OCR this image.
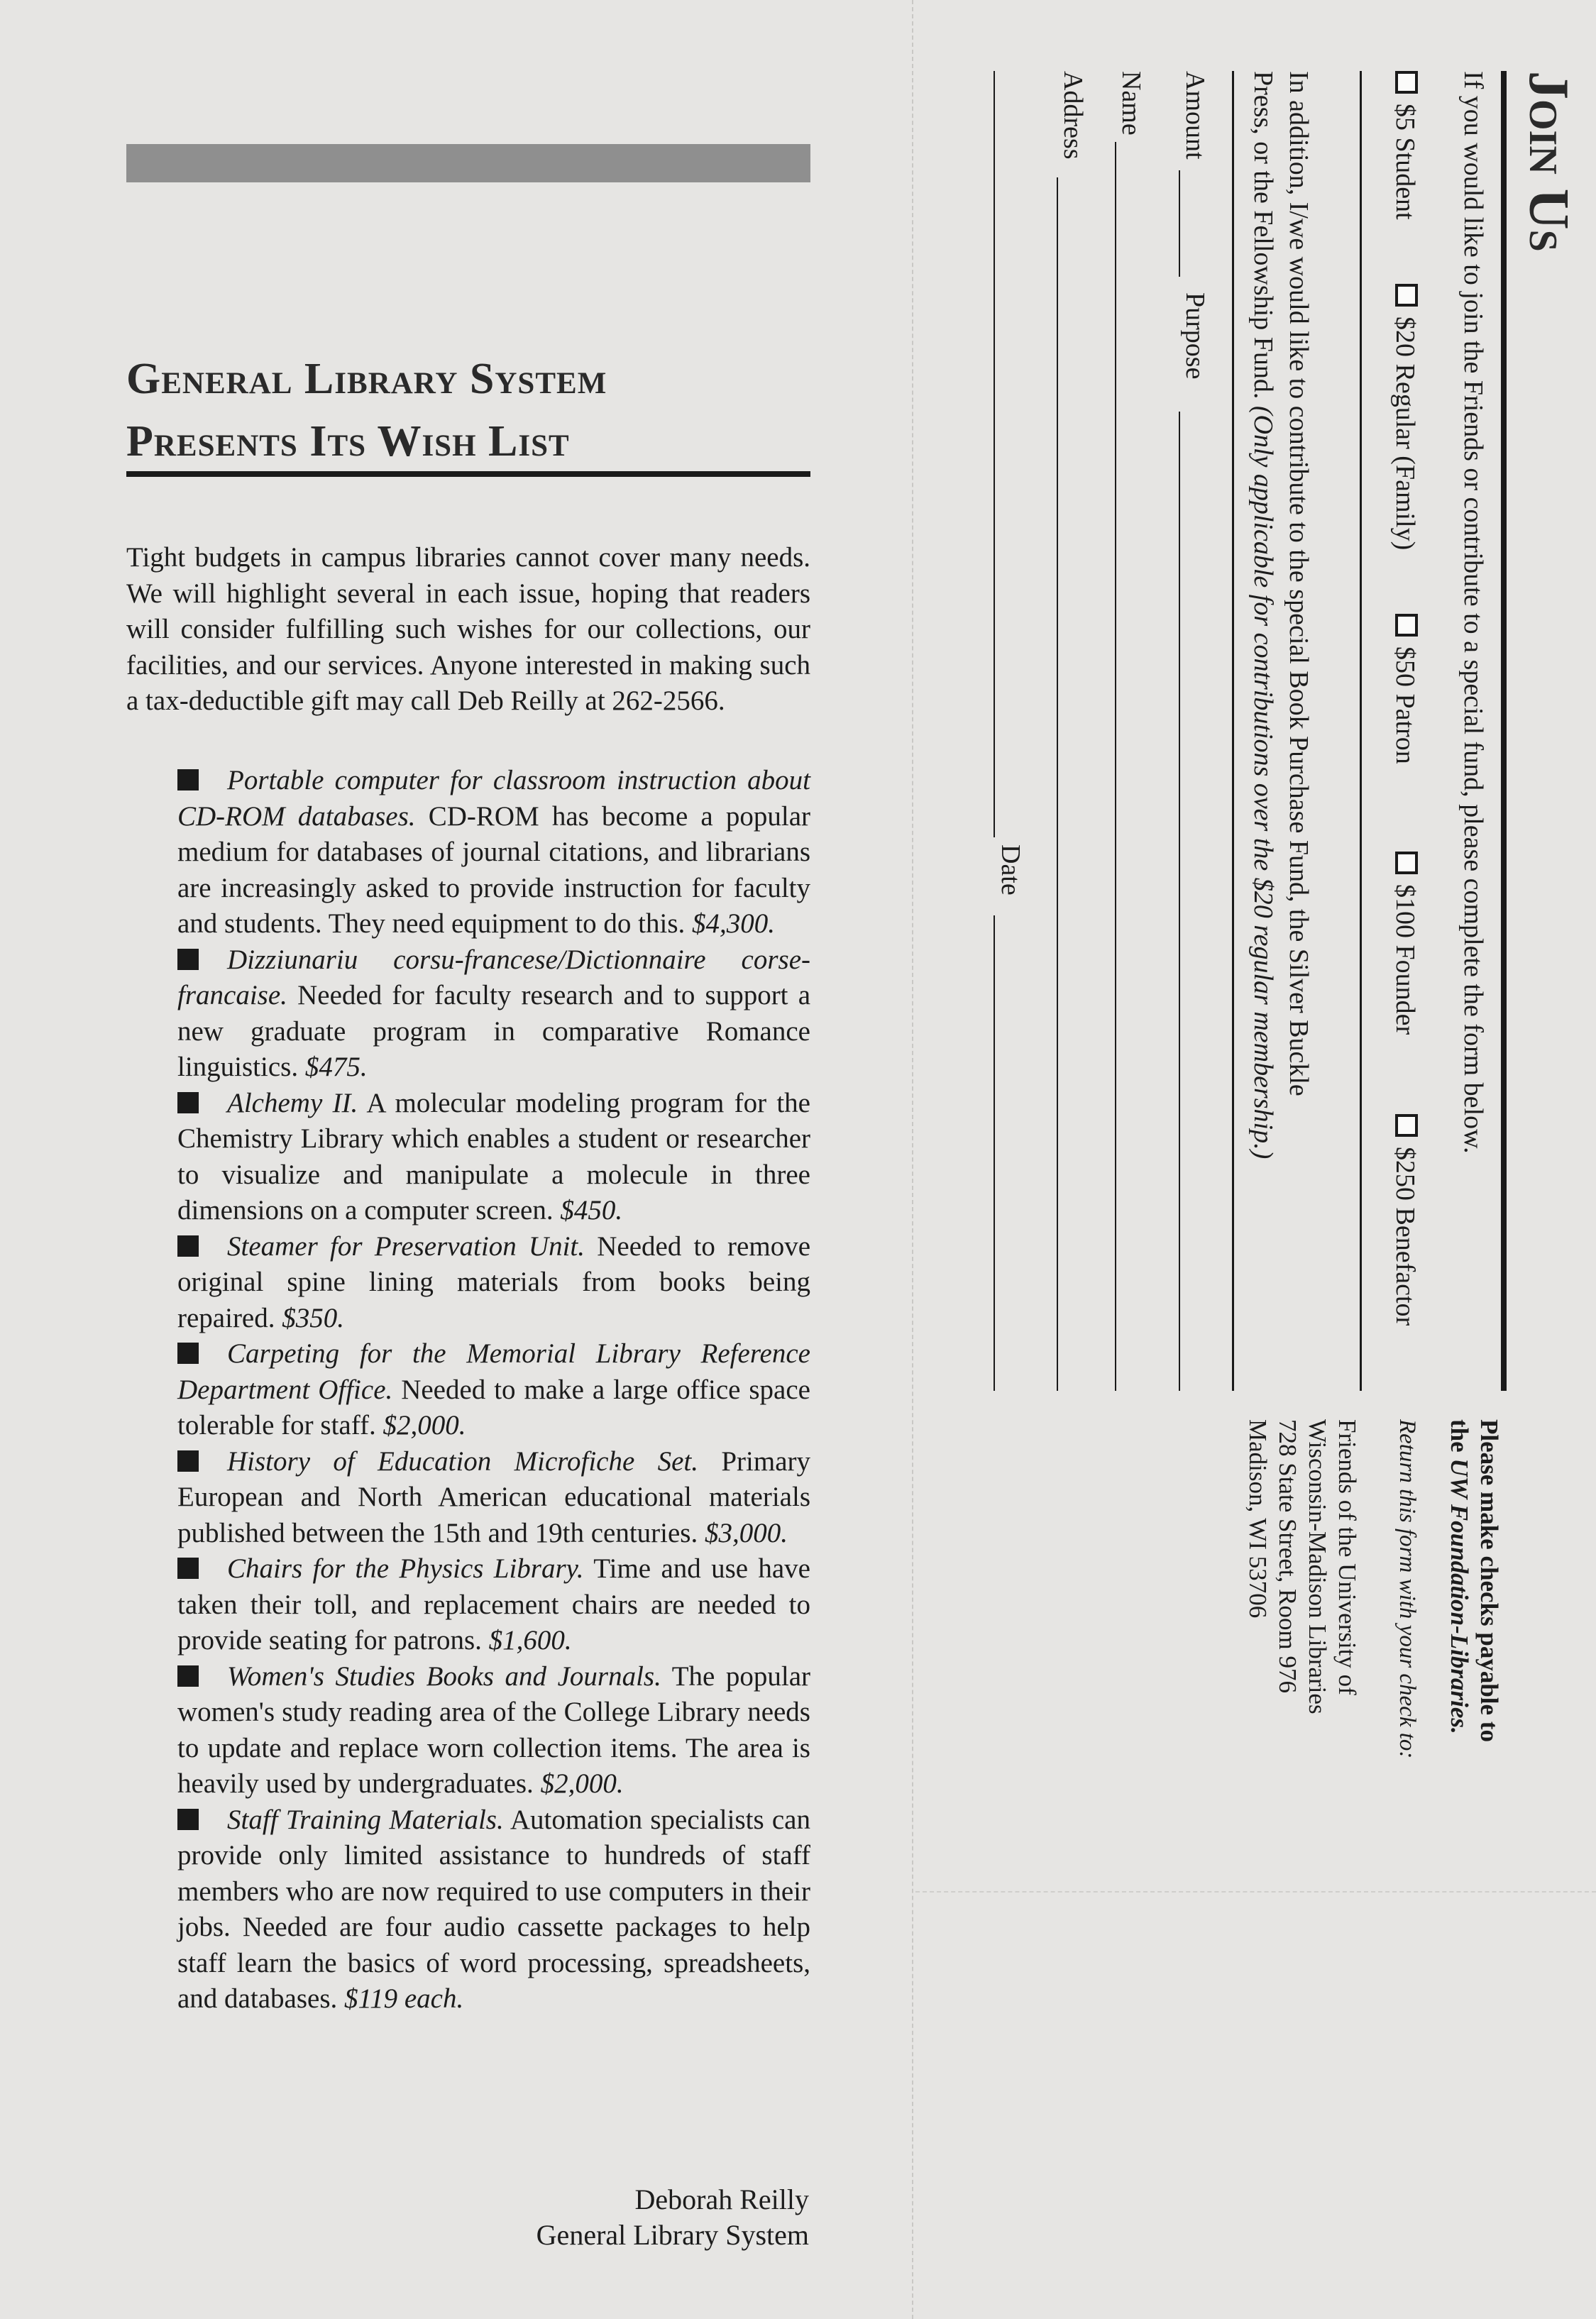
General Library System
Presents Its Wish List

Tight budgets in campus libraries cannot cover many needs. We will highlight several in each issue, hoping that readers will consider fulfilling such wishes for our collections, our facilities, and our services. Anyone interested in making such a tax-deductible gift may call Deb Reilly at 262-2566.

Portable computer for classroom instruction about CD-ROM databases. CD-ROM has become a popular medium for databases of journal citations, and librarians are increasingly asked to provide instruction for faculty and students. They need equipment to do this. $4,300.

Dizziunariu corsu-francese/Dictionnaire corse-francaise. Needed for faculty research and to support a new graduate program in comparative Romance linguistics. $475.

Alchemy II. A molecular modeling program for the Chemistry Library which enables a student or researcher to visualize and manipulate a molecule in three dimensions on a computer screen. $450.

Steamer for Preservation Unit. Needed to remove original spine lining materials from books being repaired. $350.

Carpeting for the Memorial Library Reference Department Office. Needed to make a large office space tolerable for staff. $2,000.

History of Education Microfiche Set. Primary European and North American educational materials published between the 15th and 19th centuries. $3,000.

Chairs for the Physics Library. Time and use have taken their toll, and replacement chairs are needed to provide seating for patrons. $1,600.

Women's Studies Books and Journals. The popular women's study reading area of the College Library needs to update and replace worn collection items. The area is heavily used by undergraduates. $2,000.

Staff Training Materials. Automation specialists can provide only limited assistance to hundreds of staff members who are now required to use computers in their jobs. Needed are four audio cassette packages to help staff learn the basics of word processing, spreadsheets, and databases. $119 each.

Deborah Reilly
General Library System
Join Us
If you would like to join the Friends or contribute to a special fund, please complete the form below.
$5 Student
$20 Regular (Family)
$50 Patron
$100 Founder
$250 Benefactor
In addition, I/we would like to contribute to the special Book Purchase Fund, the Silver Buckle
Press, or the Fellowship Fund. (Only applicable for contributions over the $20 regular membership.)
Amount
Purpose
Name
Address
Date
Please make checks payable to
the UW Foundation-Libraries.
Return this form with your check to:
Friends of the University of
Wisconsin-Madison Libraries
728 State Street, Room 976
Madison, WI 53706
